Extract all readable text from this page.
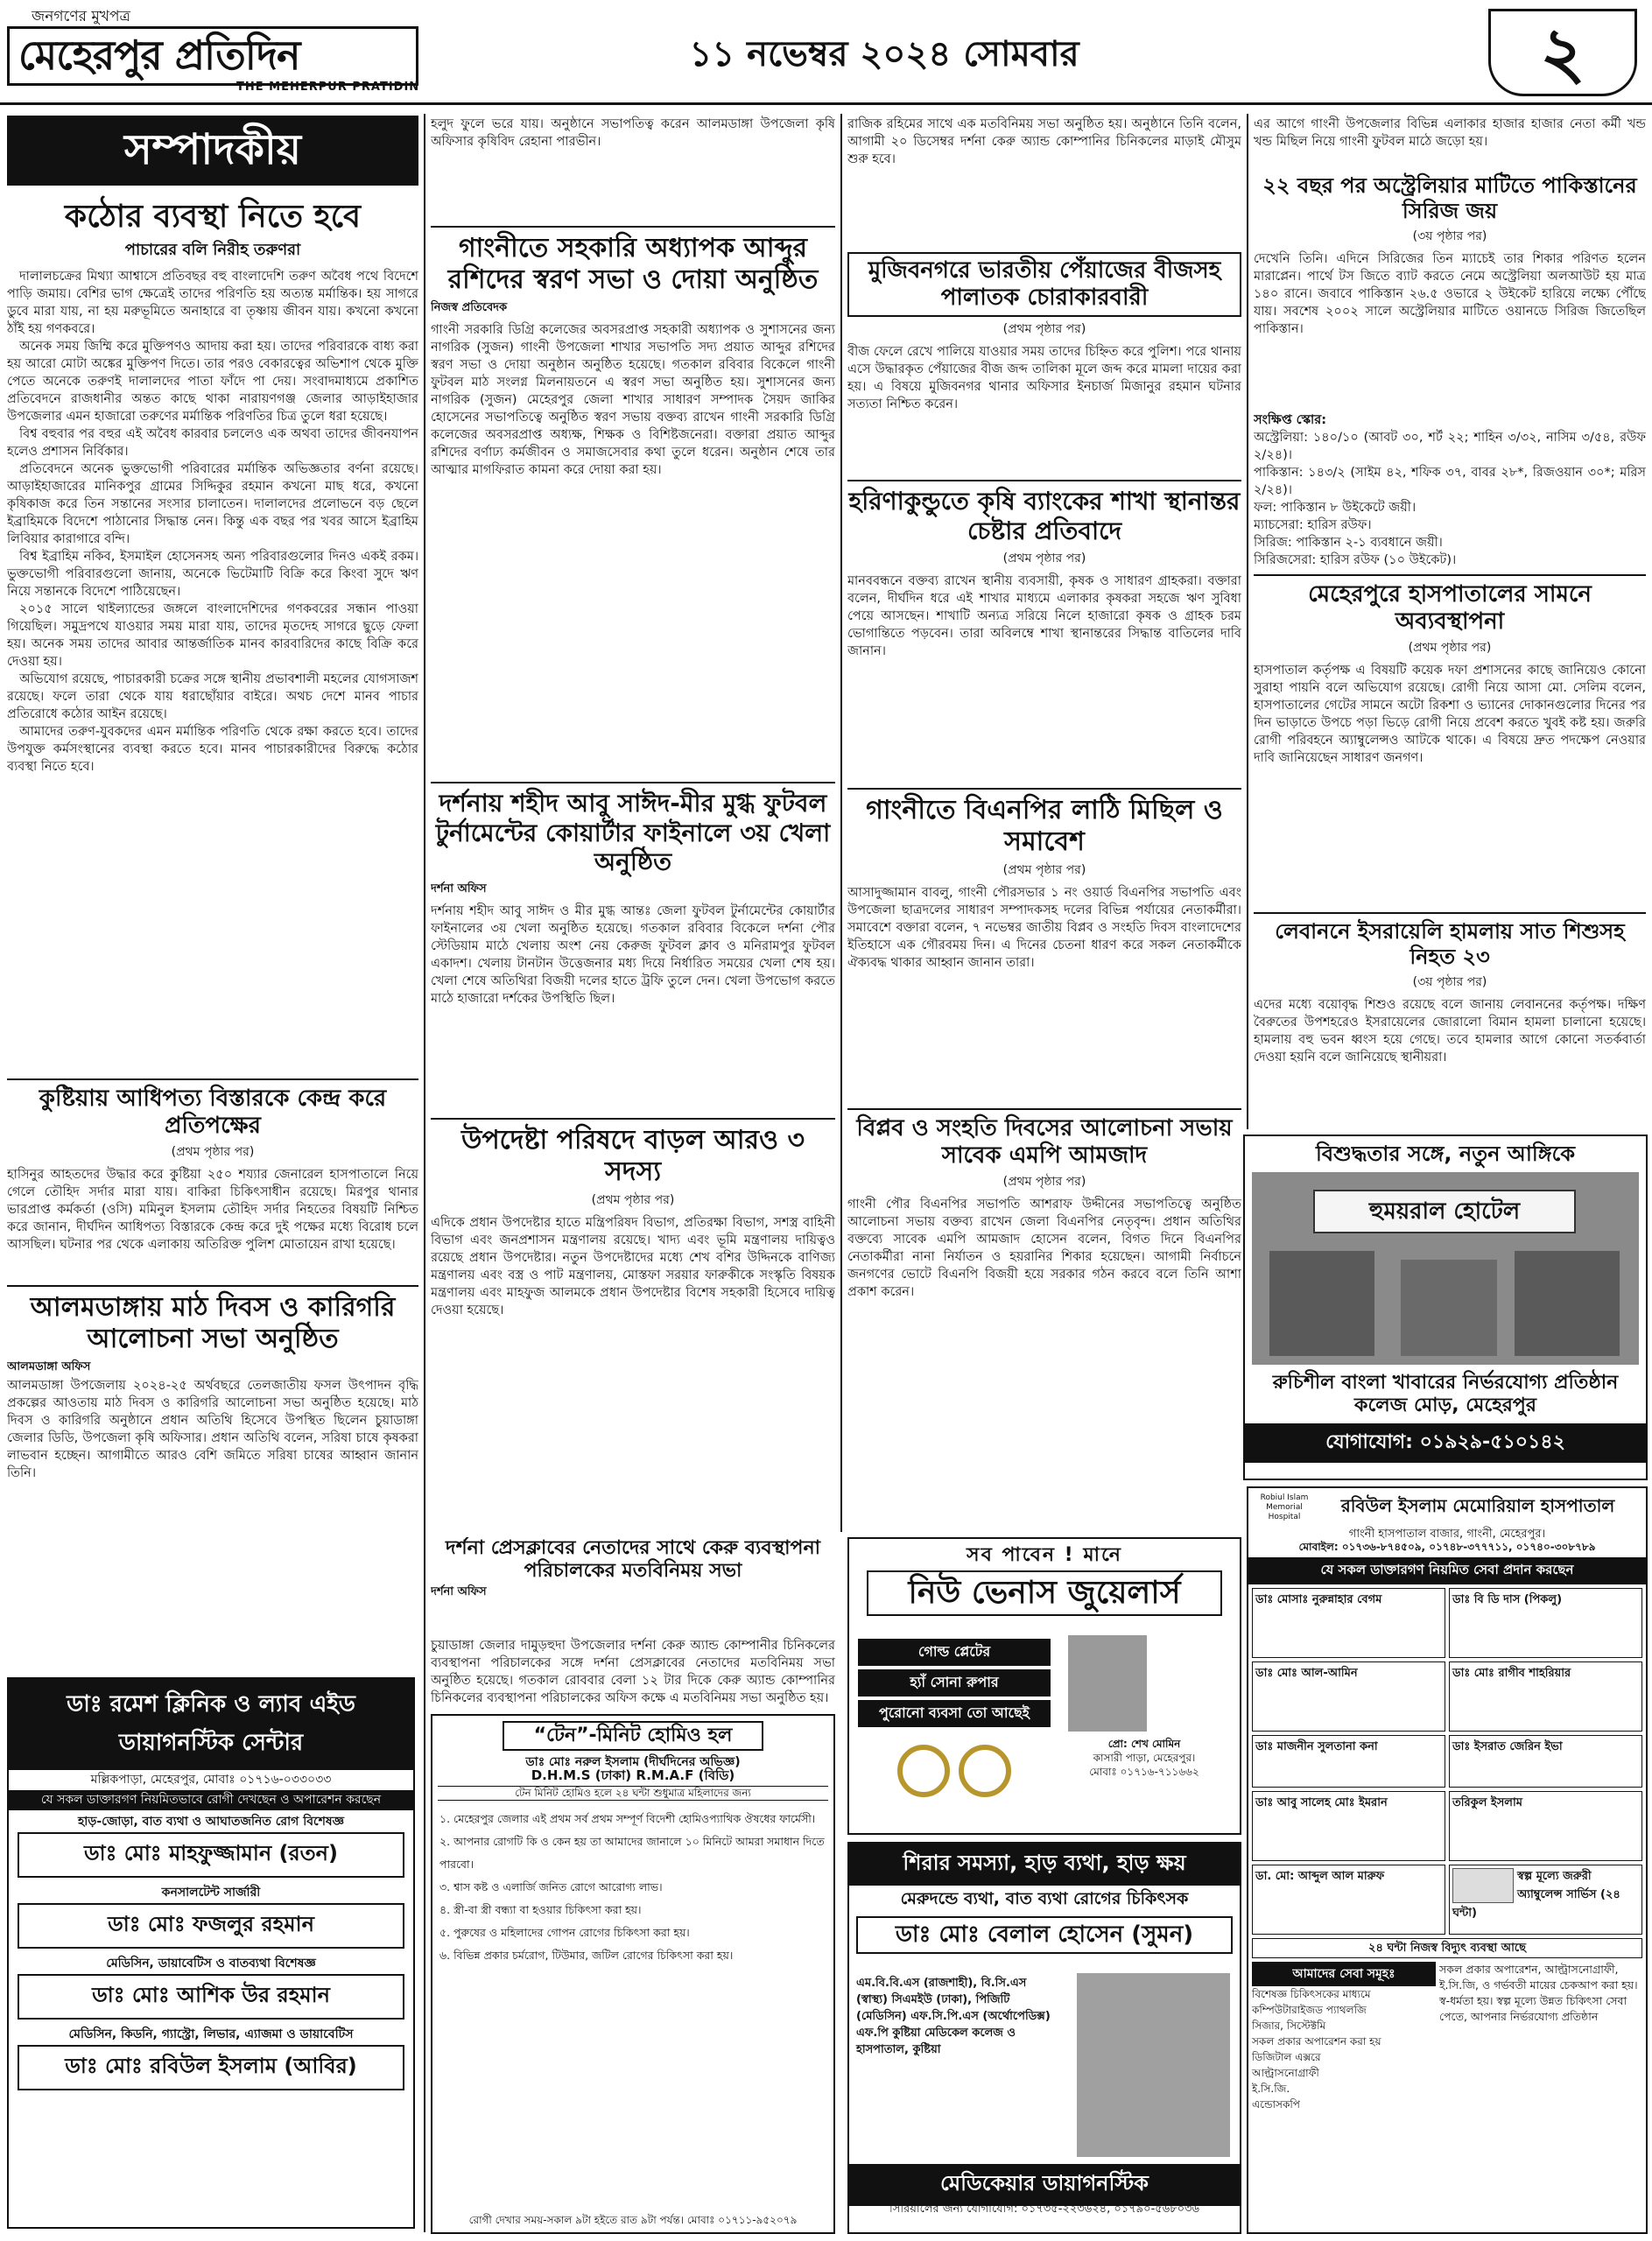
জনগণের মুখপত্র
মেহেরপুর প্রতিদিন
THE MEHERPUR PRATIDIN
১১ নভেম্বর ২০২৪ সোমবার	২
সম্পাদকীয়
কঠোর ব্যবস্থা নিতে হবে
পাচারের বলি নিরীহ তরুণরা

দালালচক্রের মিথ্যা আশ্বাসে প্রতিবছর বহু বাংলাদেশি তরুণ অবৈধ পথে বিদেশে পাড়ি জমায়। বেশির ভাগ ক্ষেত্রেই তাদের পরিণতি হয় অত্যন্ত মর্মান্তিক। হয় সাগরে ডুবে মারা যায়, না হয় মরুভূমিতে অনাহারে বা তৃষ্ণায় জীবন যায়। কখনো কখনো ঠাঁই হয় গণকবরে।

অনেক সময় জিম্মি করে মুক্তিপণও আদায় করা হয়। তাদের পরিবারকে বাধ্য করা হয় আরো মোটা অঙ্কের মুক্তিপণ দিতে। তার পরও বেকারত্বের অভিশাপ থেকে মুক্তি পেতে অনেকে তরুণই দালালদের পাতা ফাঁদে পা দেয়। সংবাদমাধ্যমে প্রকাশিত প্রতিবেদনে রাজধানীর অন্তত কাছে থাকা নারায়ণগঞ্জ জেলার আড়াইহাজার উপজেলার এমন হাজারো তরুণের মর্মান্তিক পরিণতির চিত্র তুলে ধরা হয়েছে।

বিশ্ব বহুবার পর বহুর এই অবৈধ কারবার চললেও এক অথবা তাদের জীবনযাপন হলেও প্রশাসন নির্বিকার।

প্রতিবেদনে অনেক ভুক্তভোগী পরিবারের মর্মান্তিক অভিজ্ঞতার বর্ণনা রয়েছে। আড়াইহাজারের মানিকপুর গ্রামের সিদ্দিকুর রহমান কখনো মাছ ধরে, কখনো কৃষিকাজ করে তিন সন্তানের সংসার চালাতেন। দালালদের প্রলোভনে বড় ছেলে ইব্রাহিমকে বিদেশে পাঠানোর সিদ্ধান্ত নেন। কিন্তু এক বছর পর খবর আসে ইব্রাহিম লিবিয়ার কারাগারে বন্দি।

বিশ্ব ইব্রাহিম নকিব, ইসমাইল হোসেনসহ অন্য পরিবারগুলোর দিনও একই রকম। ভুক্তভোগী পরিবারগুলো জানায়, অনেকে ভিটেমাটি বিক্রি করে কিংবা সুদে ঋণ নিয়ে সন্তানকে বিদেশে পাঠিয়েছেন।

২০১৫ সালে থাইল্যান্ডের জঙ্গলে বাংলাদেশিদের গণকবরের সন্ধান পাওয়া গিয়েছিল। সমুদ্রপথে যাওয়ার সময় মারা যায়, তাদের মৃতদেহ সাগরে ছুড়ে ফেলা হয়। অনেক সময় তাদের আবার আন্তর্জাতিক মানব কারবারিদের কাছে বিক্রি করে দেওয়া হয়।

অভিযোগ রয়েছে, পাচারকারী চক্রের সঙ্গে স্থানীয় প্রভাবশালী মহলের যোগসাজশ রয়েছে। ফলে তারা থেকে যায় ধরাছোঁয়ার বাইরে। অথচ দেশে মানব পাচার প্রতিরোধে কঠোর আইন রয়েছে।

আমাদের তরুণ-যুবকদের এমন মর্মান্তিক পরিণতি থেকে রক্ষা করতে হবে। তাদের উপযুক্ত কর্মসংস্থানের ব্যবস্থা করতে হবে। মানব পাচারকারীদের বিরুদ্ধে কঠোর ব্যবস্থা নিতে হবে।

কুষ্টিয়ায় আধিপত্য বিস্তারকে কেন্দ্র করে প্রতিপক্ষের
(প্রথম পৃষ্ঠার পর)
হাসিনুর আহতদের উদ্ধার করে কুষ্টিয়া ২৫০ শয্যার জেনারেল হাসপাতালে নিয়ে গেলে তৌহিদ সর্দার মারা যায়। বাকিরা চিকিৎসাধীন রয়েছে। মিরপুর থানার ভারপ্রাপ্ত কর্মকর্তা (ওসি) মমিনুল ইসলাম তৌহিদ সর্দার নিহতের বিষয়টি নিশ্চিত করে জানান, দীর্ঘদিন আধিপত্য বিস্তারকে কেন্দ্র করে দুই পক্ষের মধ্যে বিরোধ চলে আসছিল। ঘটনার পর থেকে এলাকায় অতিরিক্ত পুলিশ মোতায়েন রাখা হয়েছে।
আলমডাঙ্গায় মাঠ দিবস ও কারিগরি আলোচনা সভা অনুষ্ঠিত
আলমডাঙ্গা অফিস
আলমডাঙ্গা উপজেলায় ২০২৪-২৫ অর্থবছরে তেলজাতীয় ফসল উৎপাদন বৃদ্ধি প্রকল্পের আওতায় মাঠ দিবস ও কারিগরি আলোচনা সভা অনুষ্ঠিত হয়েছে। মাঠ দিবস ও কারিগরি অনুষ্ঠানে প্রধান অতিথি হিসেবে উপস্থিত ছিলেন চুয়াডাঙ্গা জেলার ডিডি, উপজেলা কৃষি অফিসার। প্রধান অতিথি বলেন, সরিষা চাষে কৃষকরা লাভবান হচ্ছেন। আগামীতে আরও বেশি জমিতে সরিষা চাষের আহ্বান জানান তিনি।
ডাঃ রমেশ ক্লিনিক ও ল্যাব এইড ডায়াগনস্টিক সেন্টার
মল্লিকপাড়া, মেহেরপুর, মোবাঃ ০১৭১৬-০৩৩০৩৩
যে সকল ডাক্তারগণ নিয়মিতভাবে রোগী দেখছেন ও অপারেশন করছেন
হাড়-জোড়া, বাত ব্যথা ও আঘাতজনিত রোগ বিশেষজ্ঞ
ডাঃ মোঃ মাহফুজ্জামান (রতন)
কনসালটেন্ট সার্জারী
ডাঃ মোঃ ফজলুর রহমান
মেডিসিন, ডায়াবেটিস ও বাতব্যথা বিশেষজ্ঞ
ডাঃ মোঃ আশিক উর রহমান
মেডিসিন, কিডনি, গ্যাস্ট্রো, লিভার, এ্যাজমা ও ডায়াবেটিস
ডাঃ মোঃ রবিউল ইসলাম (আবির)
হলুদ ফুলে ভরে যায়। অনুষ্ঠানে সভাপতিত্ব করেন আলমডাঙ্গা উপজেলা কৃষি অফিসার কৃষিবিদ রেহানা পারভীন।
গাংনীতে সহকারি অধ্যাপক আব্দুর রশিদের স্বরণ সভা ও দোয়া অনুষ্ঠিত
নিজস্ব প্রতিবেদক
গাংনী সরকারি ডিগ্রি কলেজের অবসরপ্রাপ্ত সহকারী অধ্যাপক ও সুশাসনের জন্য নাগরিক (সুজন) গাংনী উপজেলা শাখার সভাপতি সদ্য প্রয়াত আব্দুর রশিদের স্বরণ সভা ও দোয়া অনুষ্ঠান অনুষ্ঠিত হয়েছে। গতকাল রবিবার বিকেলে গাংনী ফুটবল মাঠ সংলগ্ন মিলনায়তনে এ স্বরণ সভা অনুষ্ঠিত হয়। সুশাসনের জন্য নাগরিক (সুজন) মেহেরপুর জেলা শাখার সাধারণ সম্পাদক সৈয়দ জাকির হোসেনের সভাপতিত্বে অনুষ্ঠিত স্বরণ সভায় বক্তব্য রাখেন গাংনী সরকারি ডিগ্রি কলেজের অবসরপ্রাপ্ত অধ্যক্ষ, শিক্ষক ও বিশিষ্টজনেরা। বক্তারা প্রয়াত আব্দুর রশিদের বর্ণাঢ্য কর্মজীবন ও সমাজসেবার কথা তুলে ধরেন। অনুষ্ঠান শেষে তার আত্মার মাগফিরাত কামনা করে দোয়া করা হয়।
দর্শনায় শহীদ আবু সাঈদ-মীর মুগ্ধ ফুটবল টুর্নামেন্টের কোয়ার্টার ফাইনালে ৩য় খেলা অনুষ্ঠিত
দর্শনা অফিস
দর্শনায় শহীদ আবু সাঈদ ও মীর মুগ্ধ আন্তঃ জেলা ফুটবল টুর্নামেন্টের কোয়ার্টার ফাইনালের ৩য় খেলা অনুষ্ঠিত হয়েছে। গতকাল রবিবার বিকেলে দর্শনা পৌর স্টেডিয়াম মাঠে খেলায় অংশ নেয় কেরুজ ফুটবল ক্লাব ও মনিরামপুর ফুটবল একাদশ। খেলায় টানটান উত্তেজনার মধ্য দিয়ে নির্ধারিত সময়ের খেলা শেষ হয়। খেলা শেষে অতিথিরা বিজয়ী দলের হাতে ট্রফি তুলে দেন। খেলা উপভোগ করতে মাঠে হাজারো দর্শকের উপস্থিতি ছিল।
উপদেষ্টা পরিষদে বাড়ল আরও ৩ সদস্য
(প্রথম পৃষ্ঠার পর)
এদিকে প্রধান উপদেষ্টার হাতে মন্ত্রিপরিষদ বিভাগ, প্রতিরক্ষা বিভাগ, সশস্ত্র বাহিনী বিভাগ এবং জনপ্রশাসন মন্ত্রণালয় রয়েছে। খাদ্য এবং ভূমি মন্ত্রণালয় দায়িত্বও রয়েছে প্রধান উপদেষ্টার। নতুন উপদেষ্টাদের মধ্যে শেখ বশির উদ্দিনকে বাণিজ্য মন্ত্রণালয় এবং বস্ত্র ও পাট মন্ত্রণালয়, মোস্তফা সরয়ার ফারুকীকে সংস্কৃতি বিষয়ক মন্ত্রণালয় এবং মাহফুজ আলমকে প্রধান উপদেষ্টার বিশেষ সহকারী হিসেবে দায়িত্ব দেওয়া হয়েছে।
রাজিক রহিমের সাথে এক মতবিনিময় সভা অনুষ্ঠিত হয়। অনুষ্ঠানে তিনি বলেন, আগামী ২০ ডিসেম্বর দর্শনা কেরু অ্যান্ড কোম্পানির চিনিকলের মাড়াই মৌসুম শুরু হবে।
মুজিবনগরে ভারতীয় পেঁয়াজের বীজসহ পালাতক চোরাকারবারী
(প্রথম পৃষ্ঠার পর)
বীজ ফেলে রেখে পালিয়ে যাওয়ার সময় তাদের চিহ্নিত করে পুলিশ। পরে থানায় এসে উদ্ধারকৃত পেঁয়াজের বীজ জব্দ তালিকা মূলে জব্দ করে মামলা দায়ের করা হয়। এ বিষয়ে মুজিবনগর থানার অফিসার ইনচার্জ মিজানুর রহমান ঘটনার সত্যতা নিশ্চিত করেন।
হরিণাকুন্ডুতে কৃষি ব্যাংকের শাখা স্থানান্তর চেষ্টার প্রতিবাদে
(প্রথম পৃষ্ঠার পর)
মানববন্ধনে বক্তব্য রাখেন স্থানীয় ব্যবসায়ী, কৃষক ও সাধারণ গ্রাহকরা। বক্তারা বলেন, দীর্ঘদিন ধরে এই শাখার মাধ্যমে এলাকার কৃষকরা সহজে ঋণ সুবিধা পেয়ে আসছেন। শাখাটি অন্যত্র সরিয়ে নিলে হাজারো কৃষক ও গ্রাহক চরম ভোগান্তিতে পড়বেন। তারা অবিলম্বে শাখা স্থানান্তরের সিদ্ধান্ত বাতিলের দাবি জানান।
গাংনীতে বিএনপির লাঠি মিছিল ও সমাবেশ
(প্রথম পৃষ্ঠার পর)
আসাদুজ্জামান বাবলু, গাংনী পৌরসভার ১ নং ওয়ার্ড বিএনপির সভাপতি এবং উপজেলা ছাত্রদলের সাধারণ সম্পাদকসহ দলের বিভিন্ন পর্যায়ের নেতাকর্মীরা। সমাবেশে বক্তারা বলেন, ৭ নভেম্বর জাতীয় বিপ্লব ও সংহতি দিবস বাংলাদেশের ইতিহাসে এক গৌরবময় দিন। এ দিনের চেতনা ধারণ করে সকল নেতাকর্মীকে ঐক্যবদ্ধ থাকার আহ্বান জানান তারা।
বিপ্লব ও সংহতি দিবসের আলোচনা সভায় সাবেক এমপি আমজাদ
(প্রথম পৃষ্ঠার পর)
গাংনী পৌর বিএনপির সভাপতি আশরাফ উদ্দীনের সভাপতিত্বে অনুষ্ঠিত আলোচনা সভায় বক্তব্য রাখেন জেলা বিএনপির নেতৃবৃন্দ। প্রধান অতিথির বক্তব্যে সাবেক এমপি আমজাদ হোসেন বলেন, বিগত দিনে বিএনপির নেতাকর্মীরা নানা নির্যাতন ও হয়রানির শিকার হয়েছেন। আগামী নির্বাচনে জনগণের ভোটে বিএনপি বিজয়ী হয়ে সরকার গঠন করবে বলে তিনি আশা প্রকাশ করেন।
এর আগে গাংনী উপজেলার বিভিন্ন এলাকার হাজার হাজার নেতা কর্মী খন্ড খন্ড মিছিল নিয়ে গাংনী ফুটবল মাঠে জড়ো হয়।
২২ বছর পর অস্ট্রেলিয়ার মাটিতে পাকিস্তানের সিরিজ জয়
(৩য় পৃষ্ঠার পর)
দেখেনি তিনি। এদিনে সিরিজের তিন ম্যাচেই তার শিকার পরিণত হলেন মারাপ্লেন। পার্থে টস জিতে ব্যাট করতে নেমে অস্ট্রেলিয়া অলআউট হয় মাত্র ১৪০ রানে। জবাবে পাকিস্তান ২৬.৫ ওভারে ২ উইকেট হারিয়ে লক্ষ্যে পৌঁছে যায়। সবশেষ ২০০২ সালে অস্ট্রেলিয়ার মাটিতে ওয়ানডে সিরিজ জিতেছিল পাকিস্তান।
সংক্ষিপ্ত স্কোর:
অস্ট্রেলিয়া: ১৪০/১০ (আবট ৩০, শর্ট ২২; শাহিন ৩/৩২, নাসিম ৩/৫৪, রউফ ২/২৪)।
পাকিস্তান: ১৪৩/২ (সাইম ৪২, শফিক ৩৭, বাবর ২৮*, রিজওয়ান ৩০*; মরিস ২/২৪)।
ফল: পাকিস্তান ৮ উইকেটে জয়ী।
ম্যাচসেরা: হারিস রউফ।
সিরিজ: পাকিস্তান ২-১ ব্যবধানে জয়ী।
সিরিজসেরা: হারিস রউফ (১০ উইকেট)।
মেহেরপুরে হাসপাতালের সামনে অব্যবস্থাপনা
(প্রথম পৃষ্ঠার পর)
হাসপাতাল কর্তৃপক্ষ এ বিষয়টি কয়েক দফা প্রশাসনের কাছে জানিয়েও কোনো সুরাহা পায়নি বলে অভিযোগ রয়েছে। রোগী নিয়ে আসা মো. সেলিম বলেন, হাসপাতালের গেটের সামনে অটো রিকশা ও ভ্যানের দোকানগুলোর দিনের পর দিন ভাড়াতে উপচে পড়া ভিড়ে রোগী নিয়ে প্রবেশ করতে খুবই কষ্ট হয়। জরুরি রোগী পরিবহনে অ্যাম্বুলেন্সও আটকে থাকে। এ বিষয়ে দ্রুত পদক্ষেপ নেওয়ার দাবি জানিয়েছেন সাধারণ জনগণ।
লেবাননে ইসরায়েলি হামলায় সাত শিশুসহ নিহত ২৩
(৩য় পৃষ্ঠার পর)
এদের মধ্যে বয়োবৃদ্ধ শিশুও রয়েছে বলে জানায় লেবাননের কর্তৃপক্ষ। দক্ষিণ বৈরুতের উপশহরেও ইসরায়েলের জোরালো বিমান হামলা চালানো হয়েছে। হামলায় বহু ভবন ধ্বংস হয়ে গেছে। তবে হামলার আগে কোনো সতর্কবার্তা দেওয়া হয়নি বলে জানিয়েছে স্থানীয়রা।
বিশুদ্ধতার সঙ্গে, নতুন আঙ্গিকে
হুময়রাল হোটেল
রুচিশীল বাংলা খাবারের নির্ভরযোগ্য প্রতিষ্ঠান
কলেজ মোড়, মেহেরপুর
যোগাযোগ: ০১৯২৯-৫১০১৪২
দর্শনা প্রেসক্লাবের নেতাদের সাথে কেরু ব্যবস্থাপনা পরিচালকের মতবিনিময় সভা
দর্শনা অফিস
চুয়াডাঙ্গা জেলার দামুড়হুদা উপজেলার দর্শনা কেরু অ্যান্ড কোম্পানীর চিনিকলের ব্যবস্থাপনা পরিচালকের সঙ্গে দর্শনা প্রেসক্লাবের নেতাদের মতবিনিময় সভা অনুষ্ঠিত হয়েছে। গতকাল রোববার বেলা ১২ টার দিকে কেরু অ্যান্ড কোম্পানির চিনিকলের ব্যবস্থাপনা পরিচালকের অফিস কক্ষে এ মতবিনিময় সভা অনুষ্ঠিত হয়।
“টেন”-মিনিট হোমিও হল
ডাঃ মোঃ নরুল ইসলাম (দীর্ঘদিনের অভিজ্ঞ)
D.H.M.S (ঢাকা) R.M.A.F (বিডি)
টেন মিনিট হোমিও হলে ২৪ ঘন্টা শুধুমাত্র মহিলাদের জন্য
১. মেহেরপুর জেলার এই প্রথম সর্ব প্রথম সম্পূর্ণ বিদেশী হোমিওপ্যাথিক ঔষধের ফার্মেসী।
২. আপনার রোগটি কি ও কেন হয় তা আমাদের জানালে ১০ মিনিটে আমরা সমাধান দিতে পারবো।
৩. শ্বাস কষ্ট ও এলার্জি জনিত রোগে আরোগ্য লাভ।
৪. স্ত্রী-বা স্ত্রী বন্ধ্যা বা হওয়ার চিকিৎসা করা হয়।
৫. পুরুষের ও মহিলাদের গোপন রোগের চিকিৎসা করা হয়।
৬. বিভিন্ন প্রকার চর্মরোগ, টিউমার, জটিল রোগের চিকিৎসা করা হয়।
রোগী দেখার সময়-সকাল ৯টা হইতে রাত ৯টা পর্যন্ত। মোবাঃ ০১৭১১-৯৫২০৭৯
সব পাবেন ! মানে
নিউ ভেনাস জুয়েলার্স
গোল্ড প্লেটের
হ্যাঁ সোনা রুপার
পুরোনো ব্যবসা তো আছেই
প্রো: শেখ মোমিন
কাসারী পাড়া, মেহেরপুর।
মোবাঃ ০১৭১৬-৭১১৬৬২
শিরার সমস্যা, হাড় ব্যথা, হাড় ক্ষয়
মেরুদন্ডে ব্যথা, বাত ব্যথা রোগের চিকিৎসক
ডাঃ মোঃ বেলাল হোসেন (সুমন)
এম.বি.বি.এস (রাজশাহী), বি.সি.এস (স্বাস্থ্য) সিএমইউ (ঢাকা), পিজিটি (মেডিসিন) এফ.সি.পি.এস (অর্থোপেডিক্স) এফ.পি কুষ্টিয়া মেডিকেল কলেজ ও হাসপাতাল, কুষ্টিয়া
মেডিকেয়ার ডায়াগনস্টিক
সিরিয়ালের জন্য যোগাযোগ: ০১৭৩৫-২২৩৬২৪, ০১৭৯০-৫৬৮০৩৬
Robiul Islam Memorial Hospital
রবিউল ইসলাম মেমোরিয়াল হাসপাতাল
গাংনী হাসপাতাল বাজার, গাংনী, মেহেরপুর।
মোবাইল: ০১৭৩৬-৮৭৪৫০৯, ০১৭৪৮-৩৭৭৭১১, ০১৭৪০-৩০৮৭৮৯
যে সকল ডাক্তারগণ নিয়মিত সেবা প্রদান করছেন
ডাঃ মোসাঃ নুরুন্নাহার বেগম	ডাঃ বি ডি দাস (পিকলু)
ডাঃ মোঃ আল-আমিন	ডাঃ মোঃ রাগীব শাহরিয়ার
ডাঃ মাজনীন সুলতানা কনা	ডাঃ ইসরাত জেরিন ইভা
ডাঃ আবু সালেহ মোঃ ইমরান	তরিকুল ইসলাম
ডা. মো: আব্দুল আল মারুফ	স্বল্প মূল্যে জরুরী অ্যাম্বুলেন্স সার্ভিস (২৪ ঘন্টা)
২৪ ঘন্টা নিজস্ব বিদ্যুৎ ব্যবস্থা আছে
আমাদের সেবা সমূহঃ
বিশেষজ্ঞ চিকিৎসকের মাধ্যমে
কম্পিউটারাইজড প্যাথলজি
সিজার, সিস্টেক্টমি
সকল প্রকার অপারেশন করা হয়
ডিজিটাল এক্সরে
আল্ট্রাসনোগ্রাফী
ই.সি.জি.
এন্ডোসকপি
সকল প্রকার অপারেশন, আল্ট্রাসনোগ্রাফী, ই.সি.জি, ও গর্ভবতী মায়ের চেকআপ করা হয়। স্ব-ধর্মতা হয়। স্বল্প মূল্যে উন্নত চিকিৎসা সেবা পেতে, আপনার নির্ভরযোগ্য প্রতিষ্ঠান
